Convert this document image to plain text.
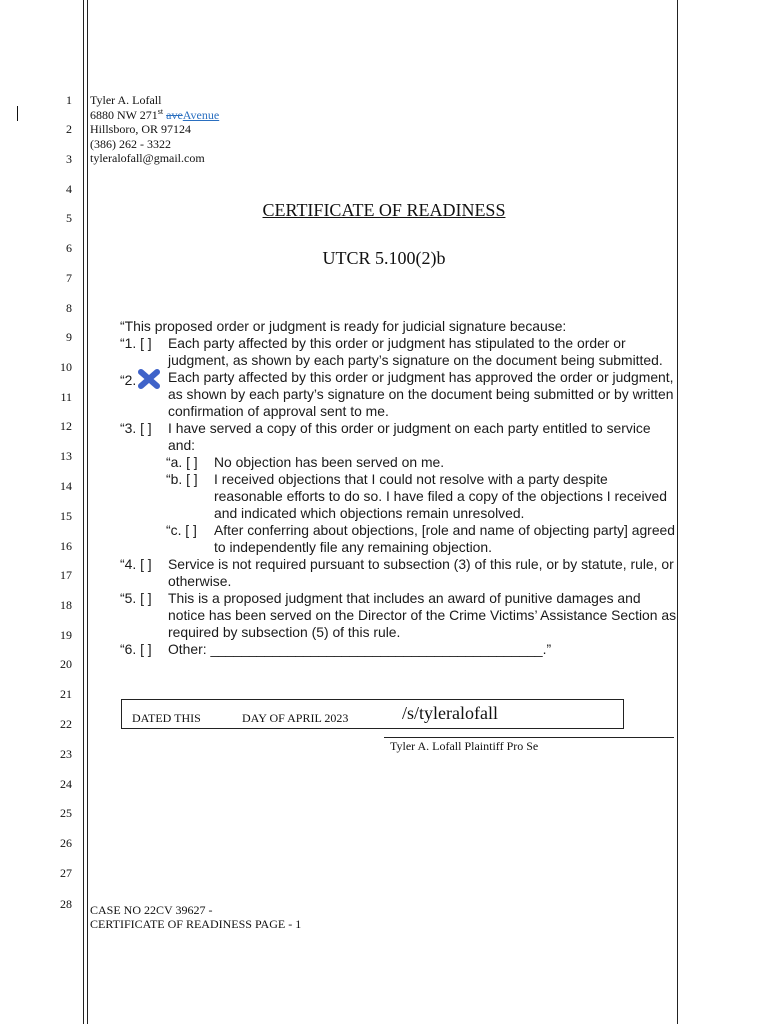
1
2
3
4
5
6
7
8
9
10
11
12
13
14
15
16
17
18
19
20
21
22
23
24
25
26
27
28
Tyler A. Lofall
6880 NW 271st aveAvenue
Hillsboro, OR 97124
(386) 262 - 3322
tyleralofall@gmail.com
CERTIFICATE OF READINESS
UTCR 5.100(2)b
“This proposed order or judgment is ready for judicial signature because:
“1. [ ]	Each party affected by this order or judgment has stipulated to the order or judgment, as shown by each party’s signature on the document being submitted.
“2.	Each party affected by this order or judgment has approved the order or judgment, as shown by each party’s signature on the document being submitted or by written confirmation of approval sent to me.
“3. [ ]	I have served a copy of this order or judgment on each party entitled to service and:
“a. [ ]	No objection has been served on me.
“b. [ ]	I received objections that I could not resolve with a party despite reasonable efforts to do so. I have filed a copy of the objections I received and indicated which objections remain unresolved.
“c. [ ]	After conferring about objections, [role and name of objecting party] agreed to independently file any remaining objection.
“4. [ ]	Service is not required pursuant to subsection (3) of this rule, or by statute, rule, or otherwise.
“5. [ ]	This is a proposed judgment that includes an award of punitive damages and notice has been served on the Director of the Crime Victims’ Assistance Section as required by subsection (5) of this rule.
“6. [ ]	Other: ___________________________________________.”
DATED THIS	DAY OF APRIL 2023	/s/tyleralofall
Tyler A. Lofall Plaintiff Pro Se
CASE NO 22CV 39627 -
CERTIFICATE OF READINESS PAGE - 1
